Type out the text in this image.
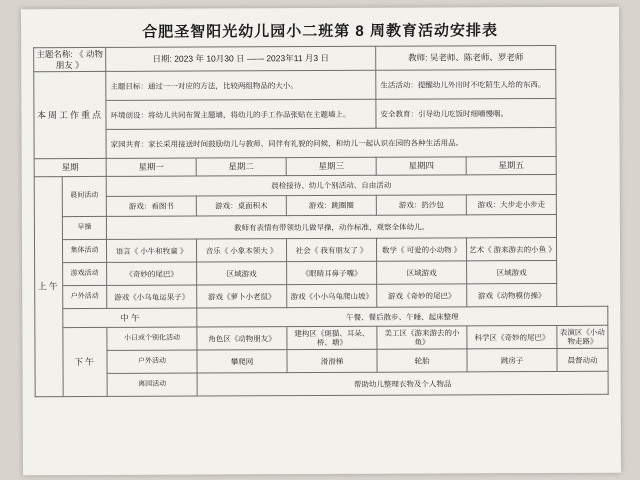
合肥圣智阳光幼儿园小二班第 8 周教育活动安排表
主题名称: 《 动物朋友 》		日期: 2023 年 10月30 日 —— 2023年11 月3 日			教师: 吴老师、陈老师、罗老师		
本周工作重点		主题目标：通过一一对应的方法，比较两组物品的大小。			生活活动：提醒幼儿外出时不吃陌生人给的东西。		
		环境创设：将幼儿共同布置主题墙，将幼儿的手工作品张贴在主题墙上。			安全教育：引导幼儿吃饭时细嚼慢咽。		
		家园共育：家长采用接送时间鼓励幼儿与教师、同伴有礼貌的问候，和幼儿一起认识在园的各种生活用品。					
星期		星期一	星期二	星期三	星期四	星期五	
上午	晨间活动	晨检接待、幼儿个别活动、自由活动					
		游戏：看图书	游戏：桌面积木	游戏：跳圈圈	游戏：扔沙包	游戏：大步走小步走	
	早操	教师有表情有带领幼儿做早操，动作标准，观察全体幼儿。					
	集体活动	语言《 小牛和牧童 》	音乐《 小象本领大 》	社会《 我有朋友了 》	数学《 可爱的小动物 》	艺术《 游来游去的小鱼 》	
	游戏活动	《奇妙的尾巴》	区域游戏	《眼睛耳鼻子嘴》	区域游戏	区域游戏	
	户外活动	游戏《小乌龟运果子》	游戏《萝卜小老鼠》	游戏《小小乌龟爬山坡》	游戏《奇妙的尾巴》	游戏《动物模仿操》	
	中 午		午餐、餐后散步、午睡、起床整理				
	下午	小日或个别化活动	角色区《动物朋友》	建构区《斑猫、耳朵、桥、塘》	美工区《游来游去的小鱼》	科学区《奇妙的尾巴》	表演区《小动物走路》
		户外活动	攀爬网	滑滑梯	轮胎	跳房子	晨督动动
		离园活动	帮助幼儿整理衣物及个人物品				
